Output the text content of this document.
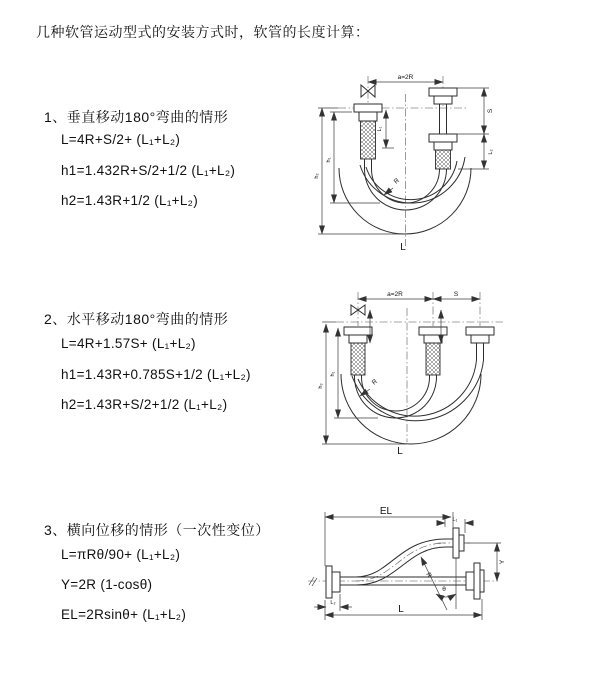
几种软管运动型式的安装方式时，软管的长度计算：
1、垂直移动180°弯曲的情形
L=4R+S/2+ (L₁+L₂)
h1=1.432R+S/2+1/2 (L₁+L₂)
h2=1.43R+1/2 (L₁+L₂)
a=2R
S
L₂
h₂
h₁
L₁
R
L
2、水平移动180°弯曲的情形
L=4R+1.57S+ (L₁+L₂)
h1=1.43R+0.785S+1/2 (L₁+L₂)
h2=1.43R+S/2+1/2 (L₁+L₂)
a=2R	S
h₂
h₁
R
L
3、横向位移的情形（一次性变位）
L=πRθ/90+ (L₁+L₂)
Y=2R (1-cosθ)
EL=2Rsinθ+ (L₁+L₂)
EL
L₁
R
θ
Y
L₂
L
